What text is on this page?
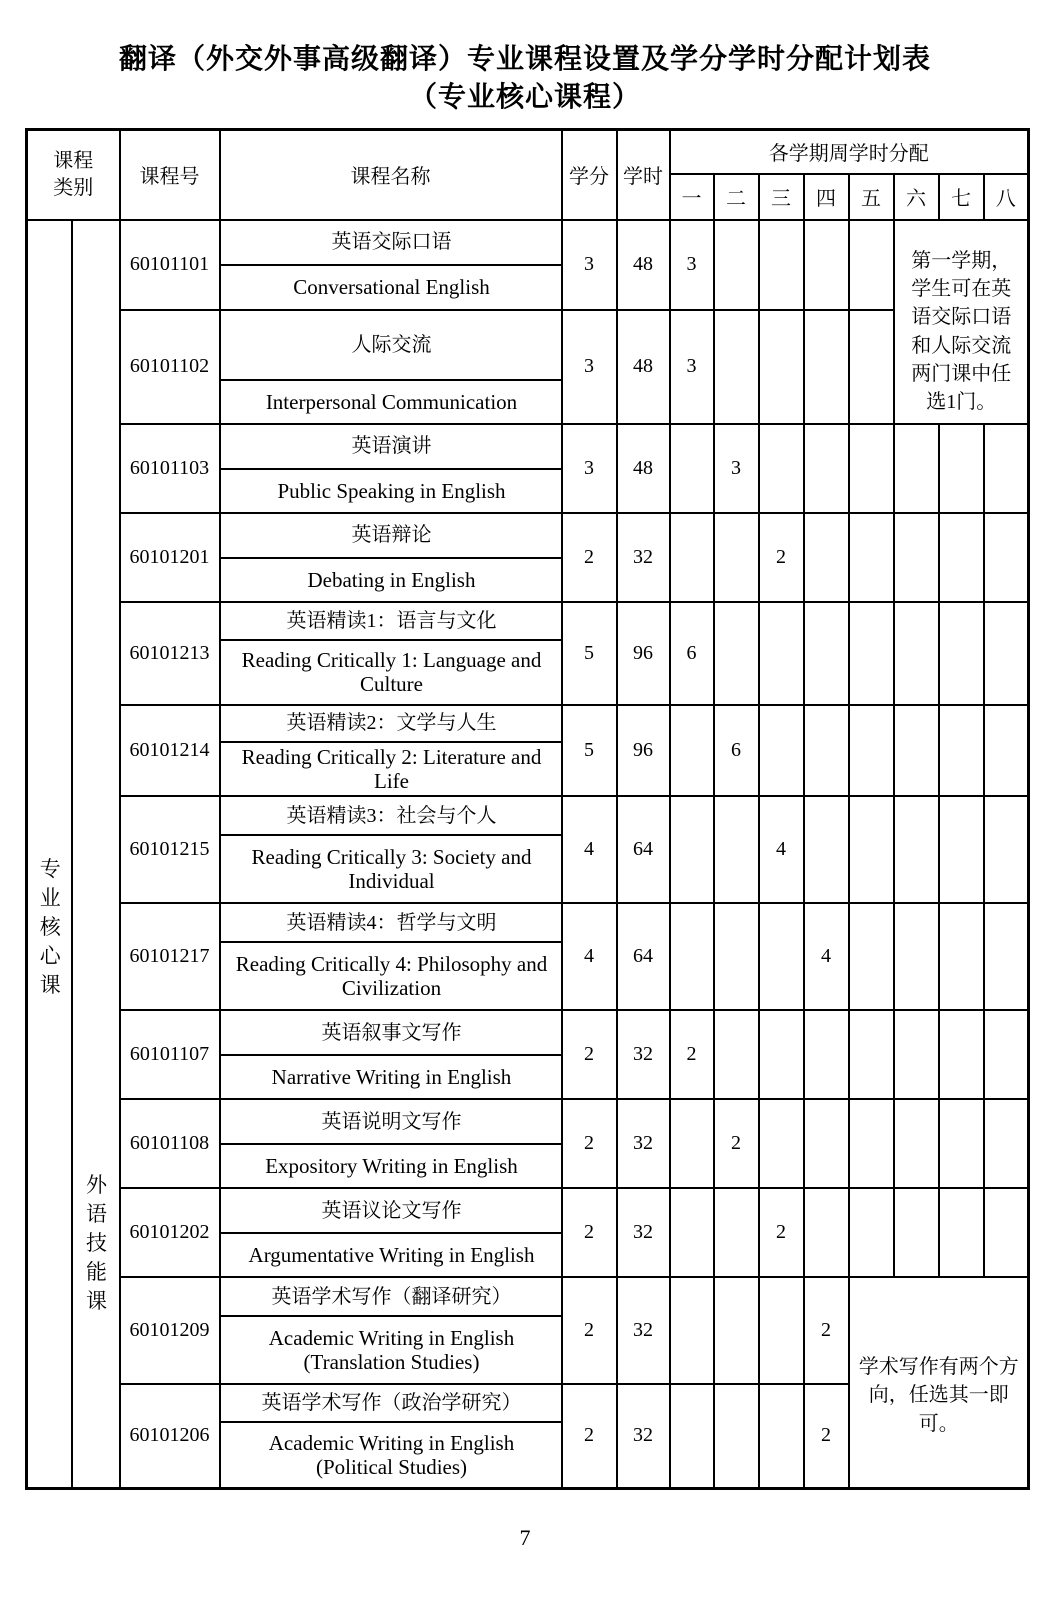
翻译（外交外事高级翻译）专业课程设置及学分学时分配计划表
（专业核心课程）
课程类别		课程号	课程名称	学分	学时	各学期周学时分配							
						一	二	三	四	五	六	七	八

专业核心课	外语技能课	60101101	英语交际口语	3	48	3					第一学期，学生可在英语交际口语和人际交流两门课中任选1门。		
			Conversational English										
		60101102	人际交流	3	48	3							
			Interpersonal Communication										
		60101103	英语演讲	3	48		3						
			Public Speaking in English										
		60101201	英语辩论	2	32			2					
			Debating in English										
		60101213	英语精读1：语言与文化	5	96	6							
			Reading Critically 1: Language and Culture										
		60101214	英语精读2：文学与人生	5	96		6						
			Reading Critically 2: Literature and Life										
		60101215	英语精读3：社会与个人	4	64			4					
			Reading Critically 3: Society and Individual										
		60101217	英语精读4：哲学与文明	4	64				4				
			Reading Critically 4: Philosophy and Civilization										
		60101107	英语叙事文写作	2	32	2							
			Narrative Writing in English										
		60101108	英语说明文写作	2	32		2						
			Expository Writing in English										
		60101202	英语议论文写作	2	32			2					
			Argumentative Writing in English										
		60101209	英语学术写作（翻译研究）	2	32				2	学术写作有两个方向，任选其一即可。			
			Academic Writing in English (Translation Studies)										
		60101206	英语学术写作（政治学研究）	2	32				2				
			Academic Writing in English (Political Studies)										
7
